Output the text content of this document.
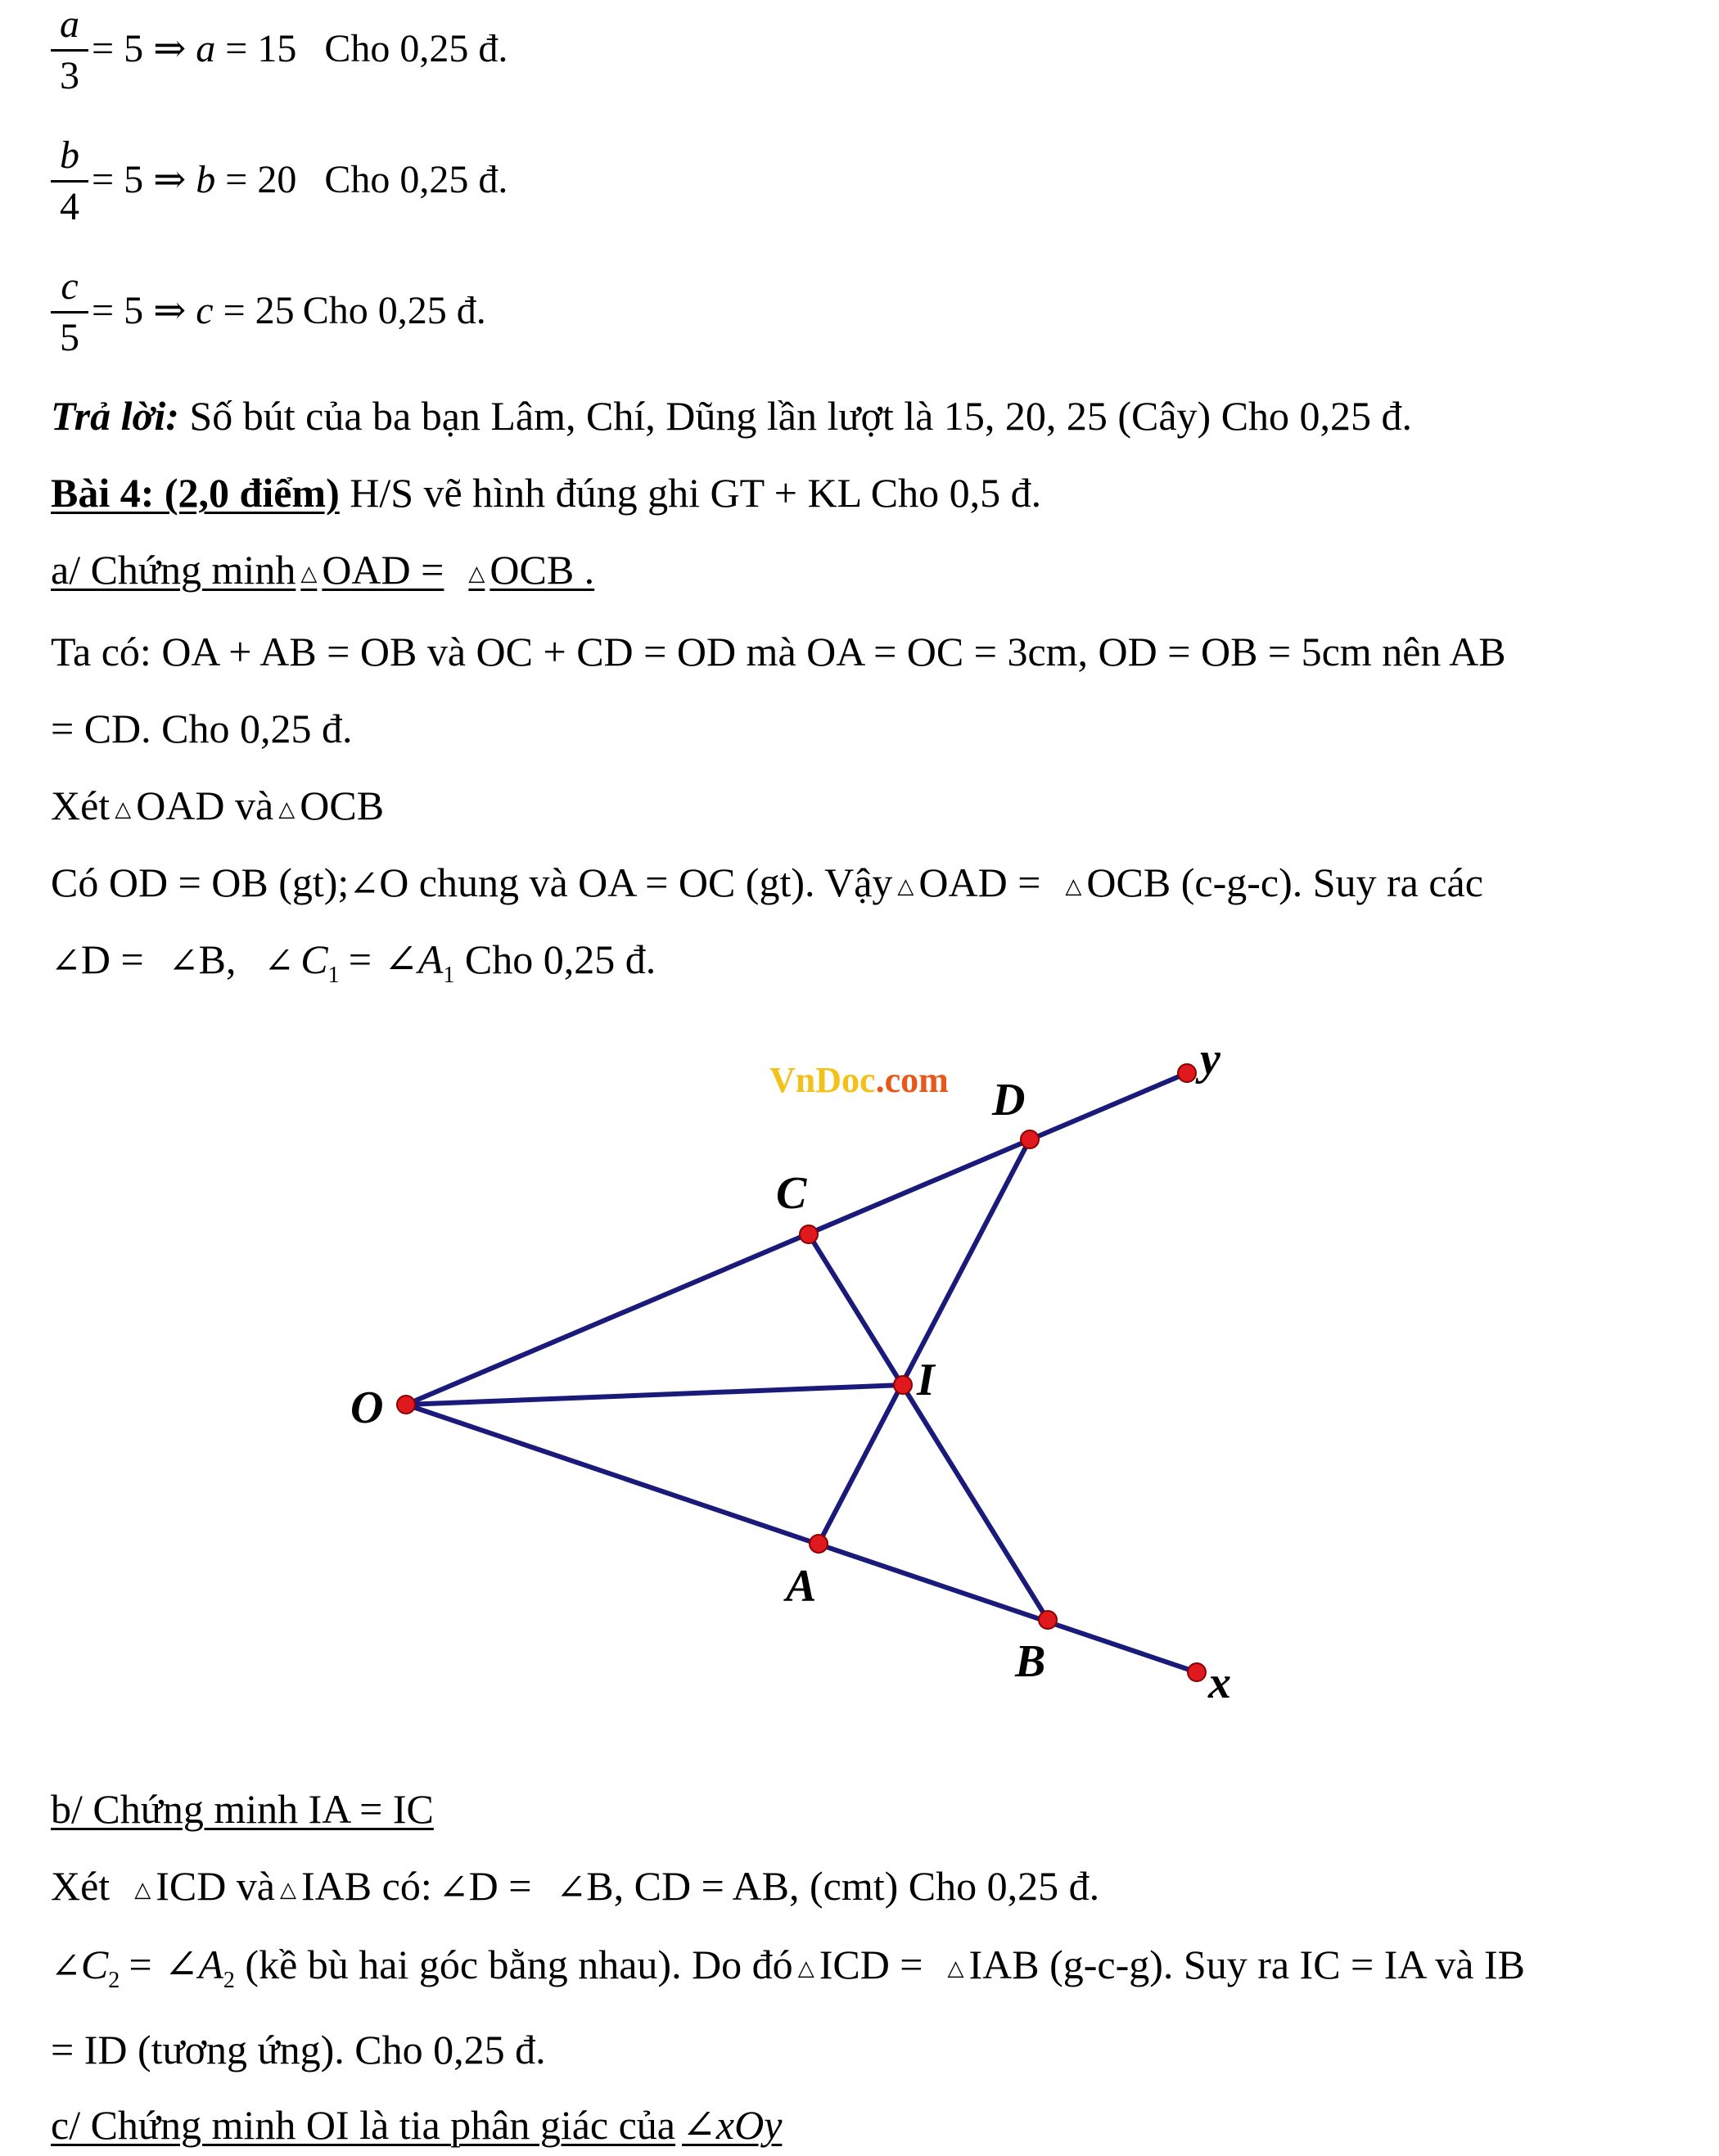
a
3
= 5 ⇒ a = 15 Cho 0,25 đ.
b
4
= 5 ⇒ b = 20 Cho 0,25 đ.
c
5
= 5 ⇒ c = 25 Cho 0,25 đ.
Trả lời: Số bút của ba bạn Lâm, Chí, Dũng lần lượt là 15, 20, 25 (Cây) Cho 0,25 đ.
Bài 4: (2,0 điểm) H/S vẽ hình đúng ghi GT + KL Cho 0,5 đ.
a/ Chứng minh △ OAD = △ OCB .
Ta có: OA + AB = OB và OC + CD = OD mà OA = OC = 3cm, OD = OB = 5cm nên AB
= CD. Cho 0,25 đ.
Xét △ OAD và △ OCB
Có OD = OB (gt);∠O chung và OA = OC (gt). Vậy △ OAD = △ OCB (c-g-c). Suy ra các
∠D = ∠B, ∠ $C_1$ = $\angle A_1$ Cho 0,25 đ.
VnDoc.com
O
C
D
y
I
A
B	x
b/ Chứng minh IA = IC
Xét △ ICD và △ IAB có: ∠D = ∠B, CD = AB, (cmt) Cho 0,25 đ.
$\angle C_2$ = $\angle A_2$ (kề bù hai góc bằng nhau). Do đó △ ICD = △ IAB (g-c-g). Suy ra IC = IA và IB
= ID (tương ứng). Cho 0,25 đ.
c/ Chứng minh OI là tia phân giác của ∠xOy
